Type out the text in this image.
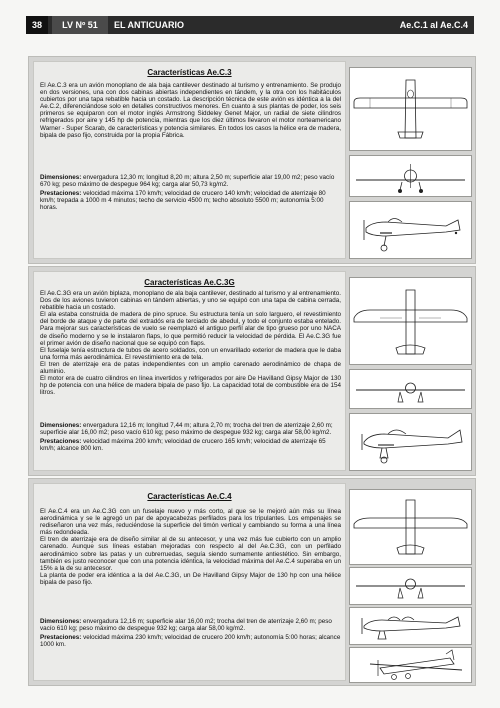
38	LV Nº 51	EL ANTICUARIO	Ae.C.1 al Ae.C.4
Características Ae.C.3

El Ae.C.3 era un avión monoplano de ala baja cantilever destinado al turismo y entrenamiento. Se produjo en dos versiones, una con dos cabinas abiertas independientes en tándem, y la otra con los habitáculos cubiertos por una tapa rebatible hacia un costado. La descripción técnica de este avión es idéntica a la del Ae.C.2, diferenciándose solo en detalles constructivos menores. En cuanto a sus plantas de poder, los seis primeros se equiparon con el motor inglés Armstrong Siddeley Genet Major, un radial de siete cilindros refrigerados por aire y 145 hp de potencia, mientras que los diez últimos llevaron el motor norteamericano Warner - Super Scarab, de características y potencia similares. En todos los casos la hélice era de madera, bipala de paso fijo, construida por la propia Fábrica.

Dimensiones: envergadura 12,30 m; longitud 8,20 m; altura 2,50 m; superficie alar 19,00 m2; peso vacío 670 kg; peso máximo de despegue 964 kg; carga alar 50,73 kg/m2.

Prestaciones: velocidad máxima 170 km/h; velocidad de crucero 140 km/h; velocidad de aterrizaje 80 km/h; trepada a 1000 m 4 minutos; techo de servicio 4500 m; techo absoluto 5500 m; autonomía 5:00 horas.

Características Ae.C.3G

El Ae.C.3G era un avión biplaza, monoplano de ala baja cantilever, destinado al turismo y al entrenamiento. Dos de los aviones tuvieron cabinas en tándem abiertas, y uno se equipó con una tapa de cabina cerrada, rebatible hacia un costado.

El ala estaba construida de madera de pino spruce. Su estructura tenía un solo larguero, el revestimiento del borde de ataque y de parte del extradós era de terciado de abedul, y todo el conjunto estaba entelado. Para mejorar sus características de vuelo se reemplazó el antiguo perfil alar de tipo grueso por uno NACA de diseño moderno y se le instalaron flaps, lo que permitió reducir la velocidad de pérdida. El Ae.C.3G fue el primer avión de diseño nacional que se equipó con flaps.

El fuselaje tenía estructura de tubos de acero soldados, con un envarillado exterior de madera que le daba una forma más aerodinámica. El revestimiento era de tela.

El tren de aterrizaje era de patas independientes con un amplio carenado aerodinámico de chapa de aluminio.

El motor era de cuatro cilindros en línea invertidos y refrigerados por aire De Havilland Gipsy Major de 130 hp de potencia con una hélice de madera bipala de paso fijo. La capacidad total de combustible era de 154 litros.

Dimensiones: envergadura 12,16 m; longitud 7,44 m; altura 2,70 m; trocha del tren de aterrizaje 2,60 m; superficie alar 16,00 m2; peso vacío 610 kg; peso máximo de despegue 932 kg; carga alar 58,00 kg/m2.

Prestaciones: velocidad máxima 200 km/h; velocidad de crucero 165 km/h; velocidad de aterrizaje 65 km/h; alcance 800 km.

Características Ae.C.4

El Ae.C.4 era un Ae.C.3G con un fuselaje nuevo y más corto, al que se le mejoró aún más su línea aerodinámica y se le agregó un par de apoyacabezas perfilados para los tripulantes. Los empenajes se rediseñaron una vez más, reduciéndose la superficie del timón vertical y cambiando su forma a una línea más redondeada.

El tren de aterrizaje era de diseño similar al de su antecesor, y una vez más fue cubierto con un amplio carenado. Aunque sus líneas estaban mejoradas con respecto al del Ae.C.3G, con un perfilado aerodinámico sobre las patas y un cubrerruedas, seguía siendo sumamente antiestético. Sin embargo, también es justo reconocer que con una potencia idéntica, la velocidad máxima del Ae.C.4 superaba en un 15% a la de su antecesor.

La planta de poder era idéntica a la del Ae.C.3G, un De Havilland Gipsy Major de 130 hp con una hélice bipala de paso fijo.

Dimensiones: envergadura 12,16 m; superficie alar 16,00 m2; trocha del tren de aterrizaje 2,60 m; peso vacío 610 kg; peso máximo de despegue 932 kg; carga alar 58,00 kg/m2.

Prestaciones: velocidad máxima 230 km/h; velocidad de crucero 200 km/h; autonomía 5:00 horas; alcance 1000 km.
